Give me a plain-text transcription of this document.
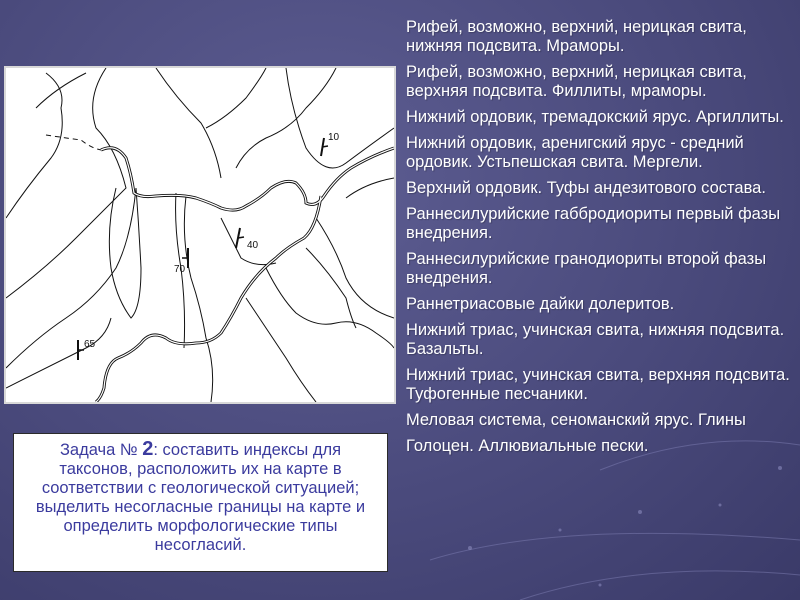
10
40
70
65
Задача № 2: составить индексы для таксонов, расположить их на карте в соответствии с геологической ситуацией; выделить несогласные границы на карте и определить морфологические типы несогласий.
Рифей, возможно, верхний, нерицкая свита, нижняя подсвита. Мраморы.
Рифей, возможно, верхний, нерицкая свита, верхняя подсвита. Филлиты, мраморы.
Нижний ордовик, тремадокский ярус. Аргиллиты.
Нижний ордовик, аренигский ярус - средний ордовик. Устьпешская свита. Мергели.
Верхний ордовик. Туфы андезитового состава.
Раннесилурийские габбродиориты первый фазы внедрения.
Раннесилурийские гранодиориты второй фазы внедрения.
Раннетриасовые дайки долеритов.
Нижний триас, учинская свита, нижняя подсвита. Базальты.
Нижний триас, учинская свита, верхняя подсвита. Туфогенные песчаники.
Меловая система, сеноманский ярус. Глины
Голоцен. Аллювиальные пески.
